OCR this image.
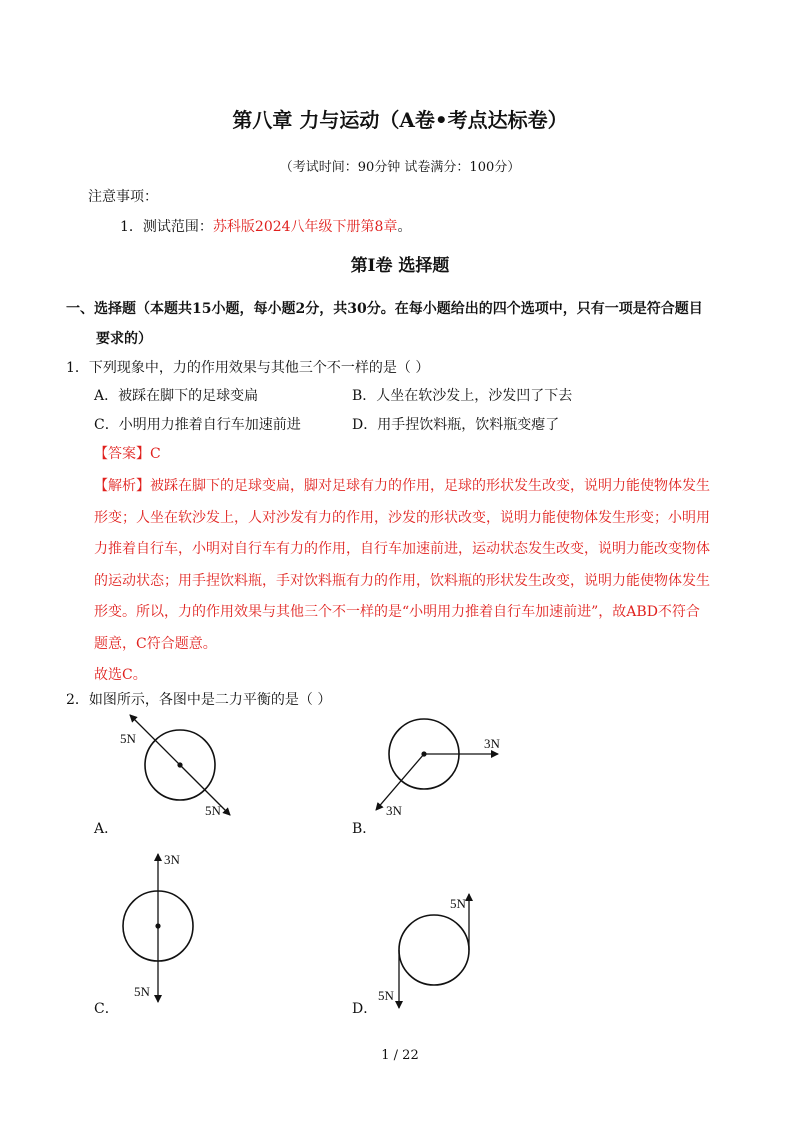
第八章 力与运动（A卷•考点达标卷）
（考试时间：90分钟 试卷满分：100分）
注意事项：
1．测试范围：苏科版2024八年级下册第8章。
第Ⅰ卷 选择题
一、选择题（本题共15小题，每小题2分，共30分。在每小题给出的四个选项中，只有一项是符合题目
要求的）
1．下列现象中，力的作用效果与其他三个不一样的是（ ）
A．被踩在脚下的足球变扁	B．人坐在软沙发上，沙发凹了下去
C．小明用力推着自行车加速前进	D．用手捏饮料瓶，饮料瓶变瘪了
【答案】C
【解析】被踩在脚下的足球变扁，脚对足球有力的作用，足球的形状发生改变，说明力能使物体发生
形变；人坐在软沙发上，人对沙发有力的作用，沙发的形状改变，说明力能使物体发生形变；小明用
力推着自行车，小明对自行车有力的作用，自行车加速前进，运动状态发生改变，说明力能改变物体
的运动状态；用手捏饮料瓶，手对饮料瓶有力的作用，饮料瓶的形状发生改变，说明力能使物体发生
形变。所以，力的作用效果与其他三个不一样的是“小明用力推着自行车加速前进”，故ABD不符合
题意，C符合题意。
故选C。
2．如图所示，各图中是二力平衡的是（ ）
5N
5N
A．
3N
3N
B．
3N
5N
C．
5N
5N
D．
1 / 22
